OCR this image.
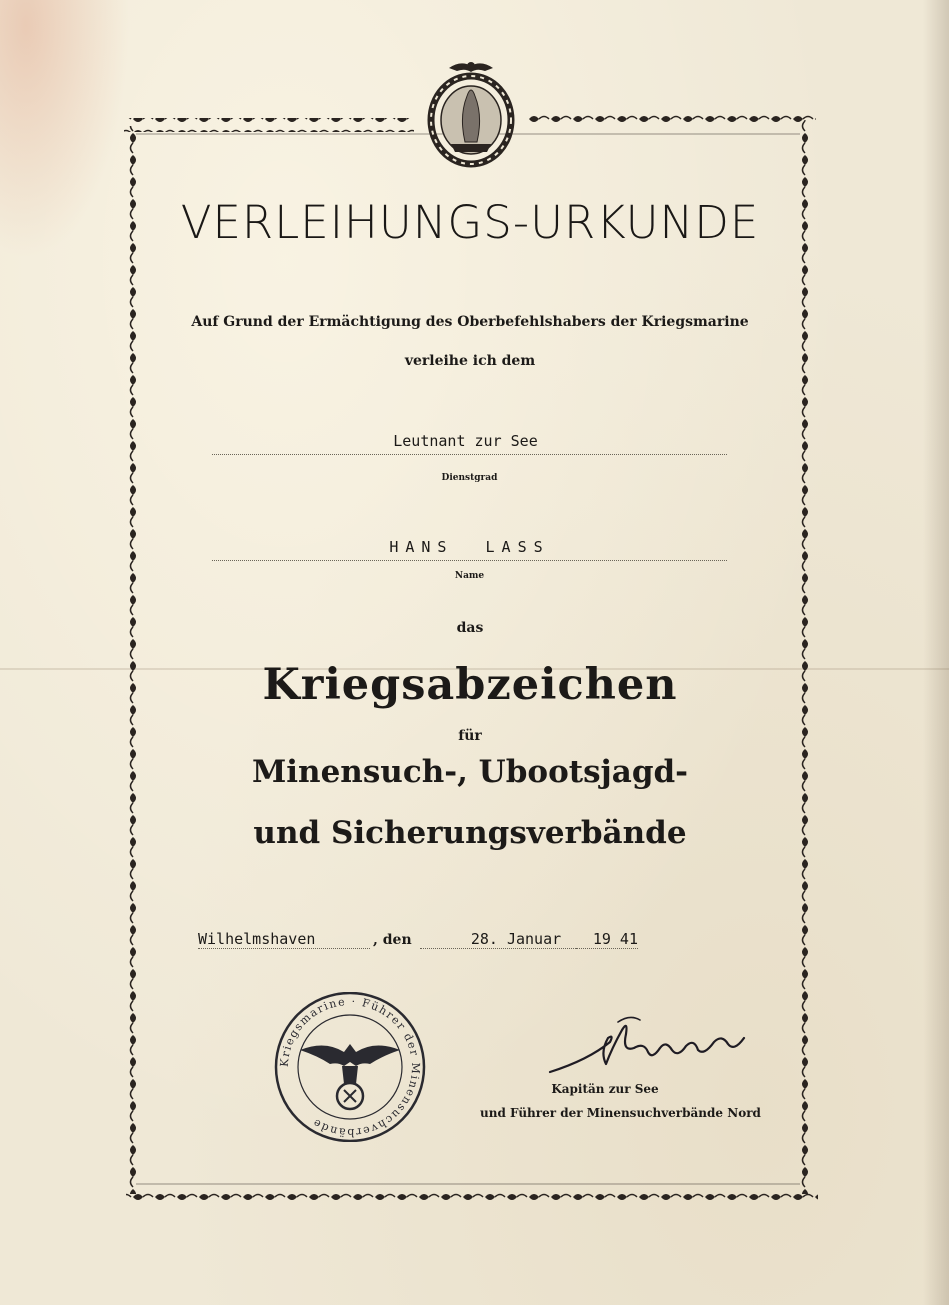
VERLEIHUNGS-URKUNDE
Auf Grund der Ermächtigung des Oberbefehlshabers der Kriegsmarine
verleihe ich dem
Leutnant zur See
Dienstgrad
HANS  LASS
Name
das
Kriegsabzeichen
für
Minensuch-, Ubootsjagd-
und Sicherungsverbände
Wilhelmshaven	, den	28. Januar	19 41
Kriegsmarine · Führer der Minensuchverbände
Kapitän zur See
und Führer der Minensuchverbände Nord
